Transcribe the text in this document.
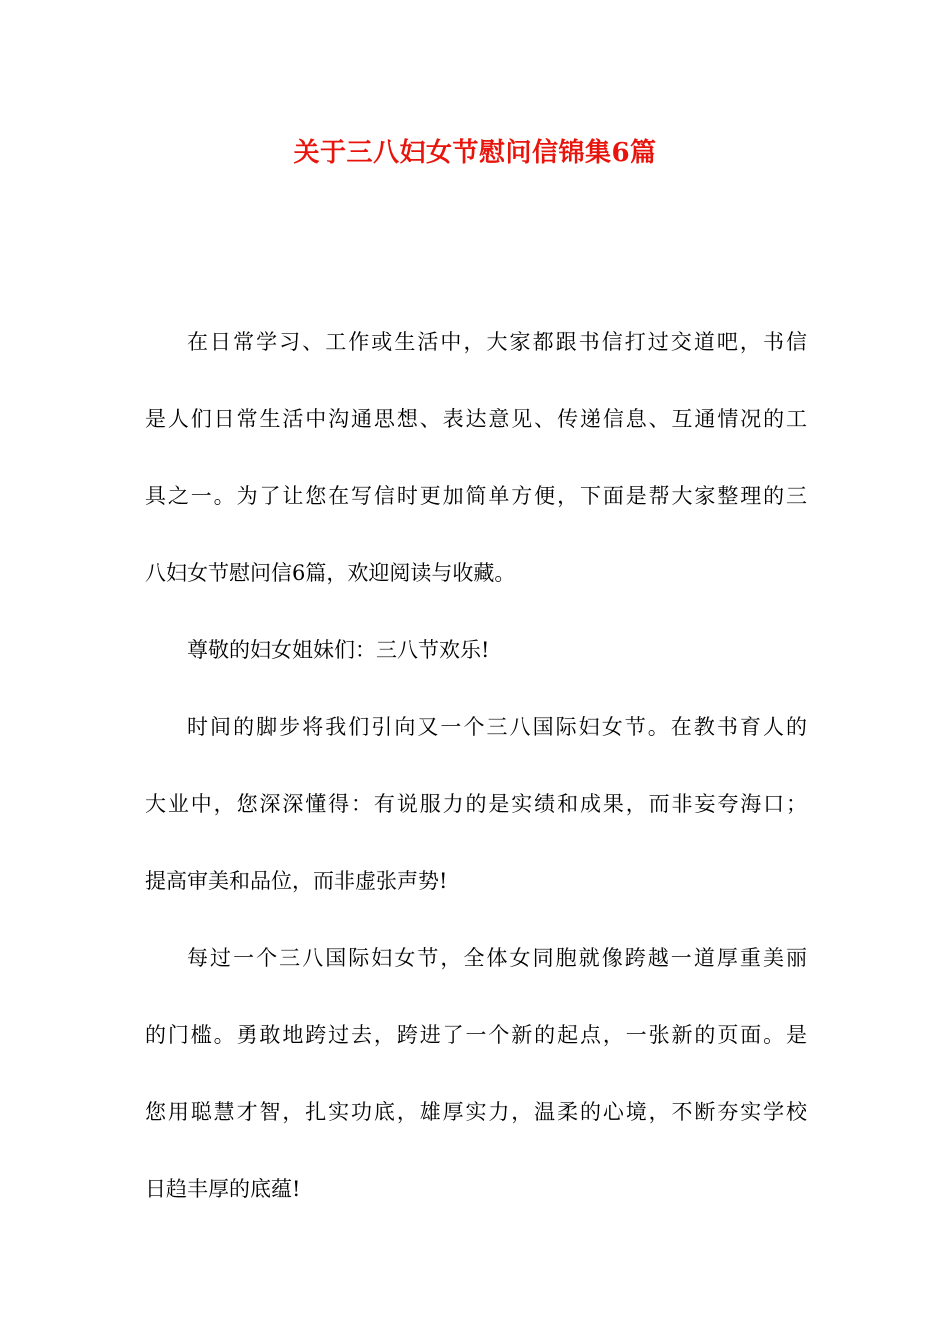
关于三八妇女节慰问信锦集6篇

在日常学习、工作或生活中，大家都跟书信打过交道吧，书信
是人们日常生活中沟通思想、表达意见、传递信息、互通情况的工
具之一。为了让您在写信时更加简单方便，下面是帮大家整理的三
八妇女节慰问信6篇，欢迎阅读与收藏。

尊敬的妇女姐妹们：三八节欢乐!

时间的脚步将我们引向又一个三八国际妇女节。在教书育人的
大业中，您深深懂得：有说服力的是实绩和成果，而非妄夸海口；
提高审美和品位，而非虚张声势!

每过一个三八国际妇女节，全体女同胞就像跨越一道厚重美丽
的门槛。勇敢地跨过去，跨进了一个新的起点，一张新的页面。是
您用聪慧才智，扎实功底，雄厚实力，温柔的心境，不断夯实学校
日趋丰厚的底蕴!
